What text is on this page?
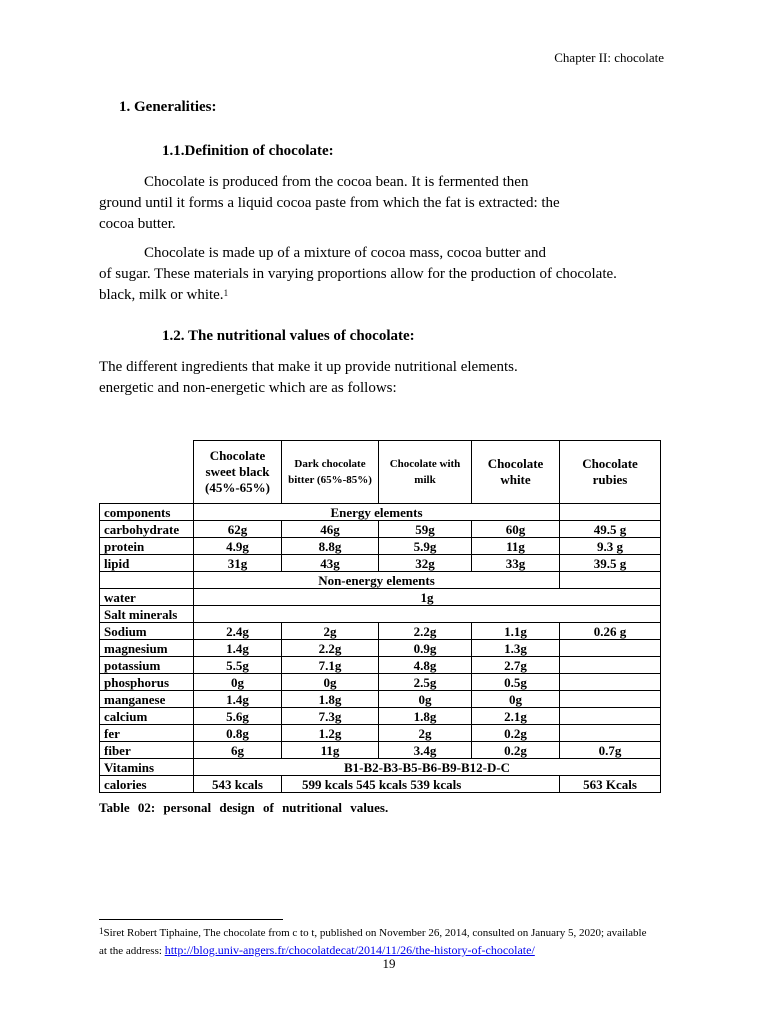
Chapter II: chocolate
1. Generalities:
1.1.Definition of chocolate:
Chocolate is produced from the cocoa bean. It is fermented then
ground until it forms a liquid cocoa paste from which the fat is extracted: the
cocoa butter.
Chocolate is made up of a mixture of cocoa mass, cocoa butter and
of sugar. These materials in varying proportions allow for the production of chocolate.
black, milk or white.$^1$
1.2. The nutritional values of chocolate:
The different ingredients that make it up provide nutritional elements.
energetic and non-energetic which are as follows:
	Chocolate sweet black (45%-65%)	Dark chocolate bitter (65%-85%)	Chocolate with milk	Chocolate white	Chocolate rubies
components	Energy elements				
carbohydrate	62g	46g	59g	60g	49.5 g
protein	4.9g	8.8g	5.9g	11g	9.3 g
lipid	31g	43g	32g	33g	39.5 g
	Non-energy elements				
water	1g				
Salt minerals					
Sodium	2.4g	2g	2.2g	1.1g	0.26 g
magnesium	1.4g	2.2g	0.9g	1.3g	
potassium	5.5g	7.1g	4.8g	2.7g	
phosphorus	0g	0g	2.5g	0.5g	
manganese	1.4g	1.8g	0g	0g	
calcium	5.6g	7.3g	1.8g	2.1g	
fer	0.8g	1.2g	2g	0.2g	
fiber	6g	11g	3.4g	0.2g	0.7g
Vitamins	B1-B2-B3-B5-B6-B9-B12-D-C				
calories	543 kcals	599 kcals 545 kcals 539 kcals			563 Kcals
Table 02: personal design of nutritional values.
$^1$Siret Robert Tiphaine, The chocolate from c to t, published on November 26, 2014, consulted on January 5, 2020; available
at the address: http://blog.univ-angers.fr/chocolatdecat/2014/11/26/the-history-of-chocolate/
19
